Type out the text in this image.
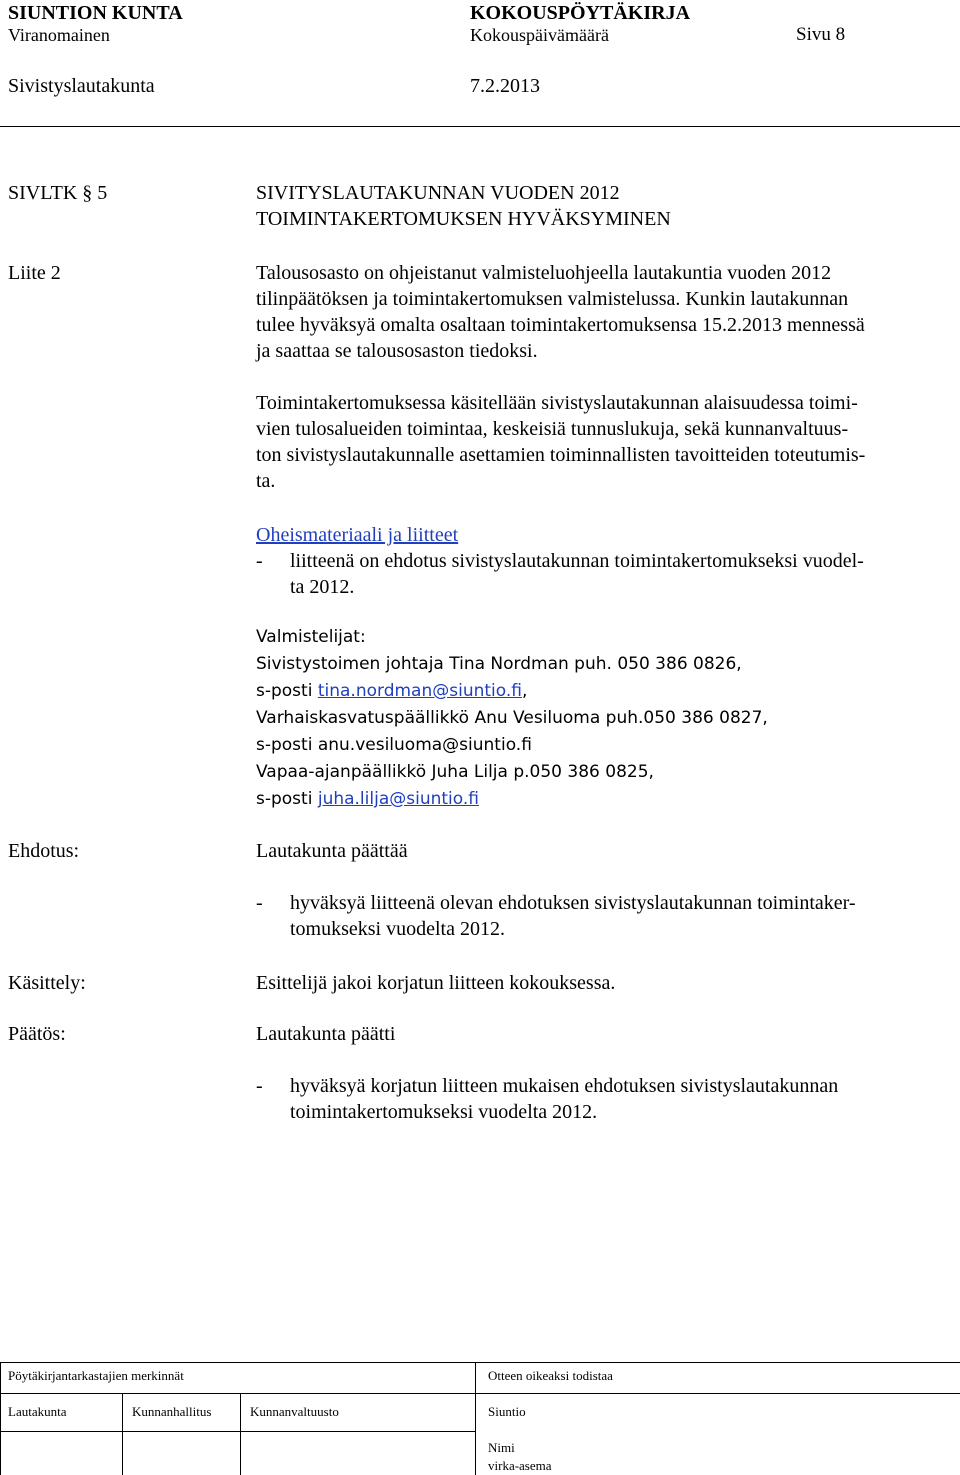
SIUNTION KUNTA	KOKOUSPÖYTÄKIRJA
Viranomainen	Kokouspäivämäärä	Sivu 8
Sivistyslautakunta	7.2.2013
SIVLTK § 5	SIVITYSLAUTAKUNNAN VUODEN 2012
TOIMINTAKERTOMUKSEN HYVÄKSYMINEN
Liite 2	Talousosasto on ohjeistanut valmisteluohjeella lautakuntia vuoden 2012
tilinpäätöksen ja toimintakertomuksen valmistelussa. Kunkin lautakunnan
tulee hyväksyä omalta osaltaan toimintakertomuksensa 15.2.2013 mennessä
ja saattaa se talousosaston tiedoksi.
Toimintakertomuksessa käsitellään sivistyslautakunnan alaisuudessa toimi-
vien tulosalueiden toimintaa, keskeisiä tunnuslukuja, sekä kunnanvaltuus-
ton sivistyslautakunnalle asettamien toiminnallisten tavoitteiden toteutumis-
ta.
Oheismateriaali ja liitteet
- liitteenä on ehdotus sivistyslautakunnan toimintakertomukseksi vuodel-
ta 2012.
Valmistelijat:
Sivistystoimen johtaja Tina Nordman puh. 050 386 0826,
s-posti tina.nordman@siuntio.fi,
Varhaiskasvatuspäällikkö Anu Vesiluoma puh.050 386 0827,
s-posti anu.vesiluoma@siuntio.fi
Vapaa-ajanpäällikkö Juha Lilja p.050 386 0825,
s-posti juha.lilja@siuntio.fi
Ehdotus:	Lautakunta päättää
- hyväksyä liitteenä olevan ehdotuksen sivistyslautakunnan toimintaker-
tomukseksi vuodelta 2012.
Käsittely:	Esittelijä jakoi korjatun liitteen kokouksessa.
Päätös:	Lautakunta päätti
- hyväksyä korjatun liitteen mukaisen ehdotuksen sivistyslautakunnan
toimintakertomukseksi vuodelta 2012.
Pöytäkirjantarkastajien merkinnät	Otteen oikeaksi todistaa
Lautakunta	Kunnanhallitus	Kunnanvaltuusto	Siuntio
Nimi
virka-asema
